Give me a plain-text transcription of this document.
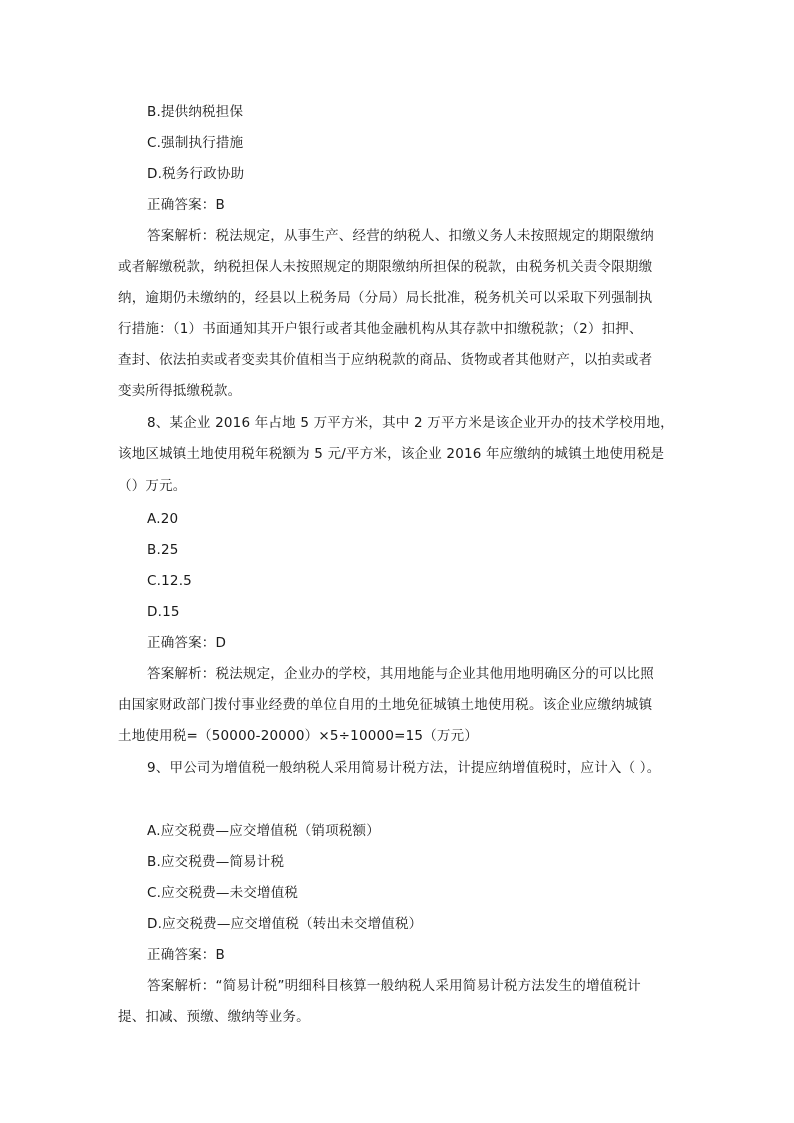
B.提供纳税担保
C.强制执行措施
D.税务行政协助
正确答案：B
答案解析：税法规定，从事生产、经营的纳税人、扣缴义务人未按照规定的期限缴纳
或者解缴税款，纳税担保人未按照规定的期限缴纳所担保的税款，由税务机关责令限期缴
纳，逾期仍未缴纳的，经县以上税务局（分局）局长批准，税务机关可以采取下列强制执
行措施：（1）书面通知其开户银行或者其他金融机构从其存款中扣缴税款；（2）扣押、
查封、依法拍卖或者变卖其价值相当于应纳税款的商品、货物或者其他财产，以拍卖或者
变卖所得抵缴税款。
8、某企业 2016 年占地 5 万平方米，其中 2 万平方米是该企业开办的技术学校用地，
该地区城镇土地使用税年税额为 5 元/平方米，该企业 2016 年应缴纳的城镇土地使用税是
（）万元。
A.20
B.25
C.12.5
D.15
正确答案：D
答案解析：税法规定，企业办的学校，其用地能与企业其他用地明确区分的可以比照
由国家财政部门拨付事业经费的单位自用的土地免征城镇土地使用税。该企业应缴纳城镇
土地使用税=（50000-20000）×5÷10000=15（万元）
9、甲公司为增值税一般纳税人采用简易计税方法，计提应纳增值税时，应计入（ ）。
A.应交税费—应交增值税（销项税额）
B.应交税费—简易计税
C.应交税费—未交增值税
D.应交税费—应交增值税（转出未交增值税）
正确答案：B
答案解析：“简易计税”明细科目核算一般纳税人采用简易计税方法发生的增值税计
提、扣减、预缴、缴纳等业务。
